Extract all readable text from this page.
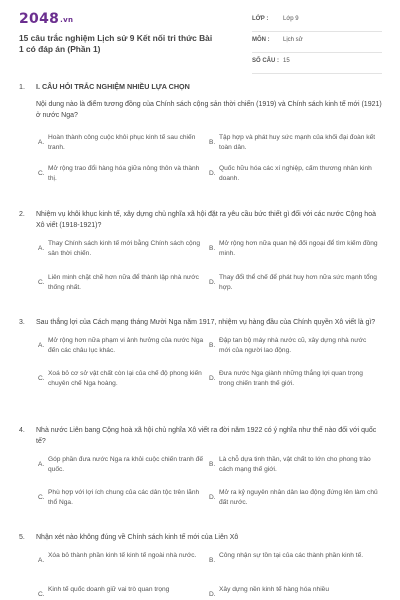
2048.vn
15 câu trắc nghiệm Lịch sử 9 Kết nối tri thức Bài 1 có đáp án (Phần 1)
LỚP :	Lớp 9
MÔN :	Lịch sử
SỐ CÂU : 15
1. I. CÂU HỎI TRẮC NGHIỆM NHIỀU LỰA CHỌN
Nội dung nào là điểm tương đồng của Chính sách cộng sản thời chiến (1919) và Chính sách kinh tế mới (1921) ở nước Nga?
A.
Hoàn thành công cuộc khôi phục kinh tế sau chiến tranh.
B.
Tập hợp và phát huy sức mạnh của khối đại đoàn kết toàn dân.
C.
Mở rộng trao đổi hàng hóa giữa nông thôn và thành thị.
D.
Quốc hữu hóa các xí nghiệp, cấm thương nhân kinh doanh.
2.	Nhiệm vụ khôi khục kinh tế, xây dựng chủ nghĩa xã hội đặt ra yêu cầu bức thiết gì đối với các nước Cộng hoà Xô viết (1918-1921)?
A.
Thay Chính sách kinh tế mới bằng Chính sách cộng sản thời chiến.
B.
Mở rộng hơn nữa quan hệ đối ngoại để tìm kiếm đồng minh.
C.
Liên minh chặt chẽ hơn nữa để thành lập nhà nước thống nhất.
D.
Thay đổi thể chế để phát huy hơn nữa sức mạnh tổng hợp.
3.	Sau thắng lợi của Cách mạng tháng Mười Nga năm 1917, nhiệm vụ hàng đầu của Chính quyền Xô viết là gì?
A.
Mở rộng hơn nữa phạm vi ảnh hưởng của nước Nga đến các châu lục khác.
B.
Đập tan bộ máy nhà nước cũ, xây dựng nhà nước mới của người lao động.
C.
Xoá bỏ cơ sở vật chất còn lại của chế độ phong kiến chuyên chế Nga hoàng.
D.
Đưa nước Nga giành những thắng lợi quan trọng trong chiến tranh thế giới.
4.	Nhà nước Liên bang Cộng hoà xã hội chủ nghĩa Xô viết ra đời năm 1922 có ý nghĩa như thế nào đối với quốc tế?
A.
Góp phần đưa nước Nga ra khỏi cuộc chiến tranh đế quốc.
B.
Là chỗ dựa tinh thần, vật chất to lớn cho phong trào cách mạng thế giới.
C.
Phù hợp với lợi ích chung của các dân tộc trên lãnh thổ Nga.
D.
Mở ra kỷ nguyên nhân dân lao động đứng lên làm chủ đất nước.
5.	Nhận xét nào không đúng về Chính sách kinh tế mới của Liên Xô
A.
Xóa bỏ thành phần kinh tế kinh tế ngoài nhà nước.
B.
Công nhận sự tồn tại của các thành phần kinh tế.
C.
Kinh tế quốc doanh giữ vai trò quan trọng
D.
Xây dựng nền kinh tế hàng hóa nhiều
